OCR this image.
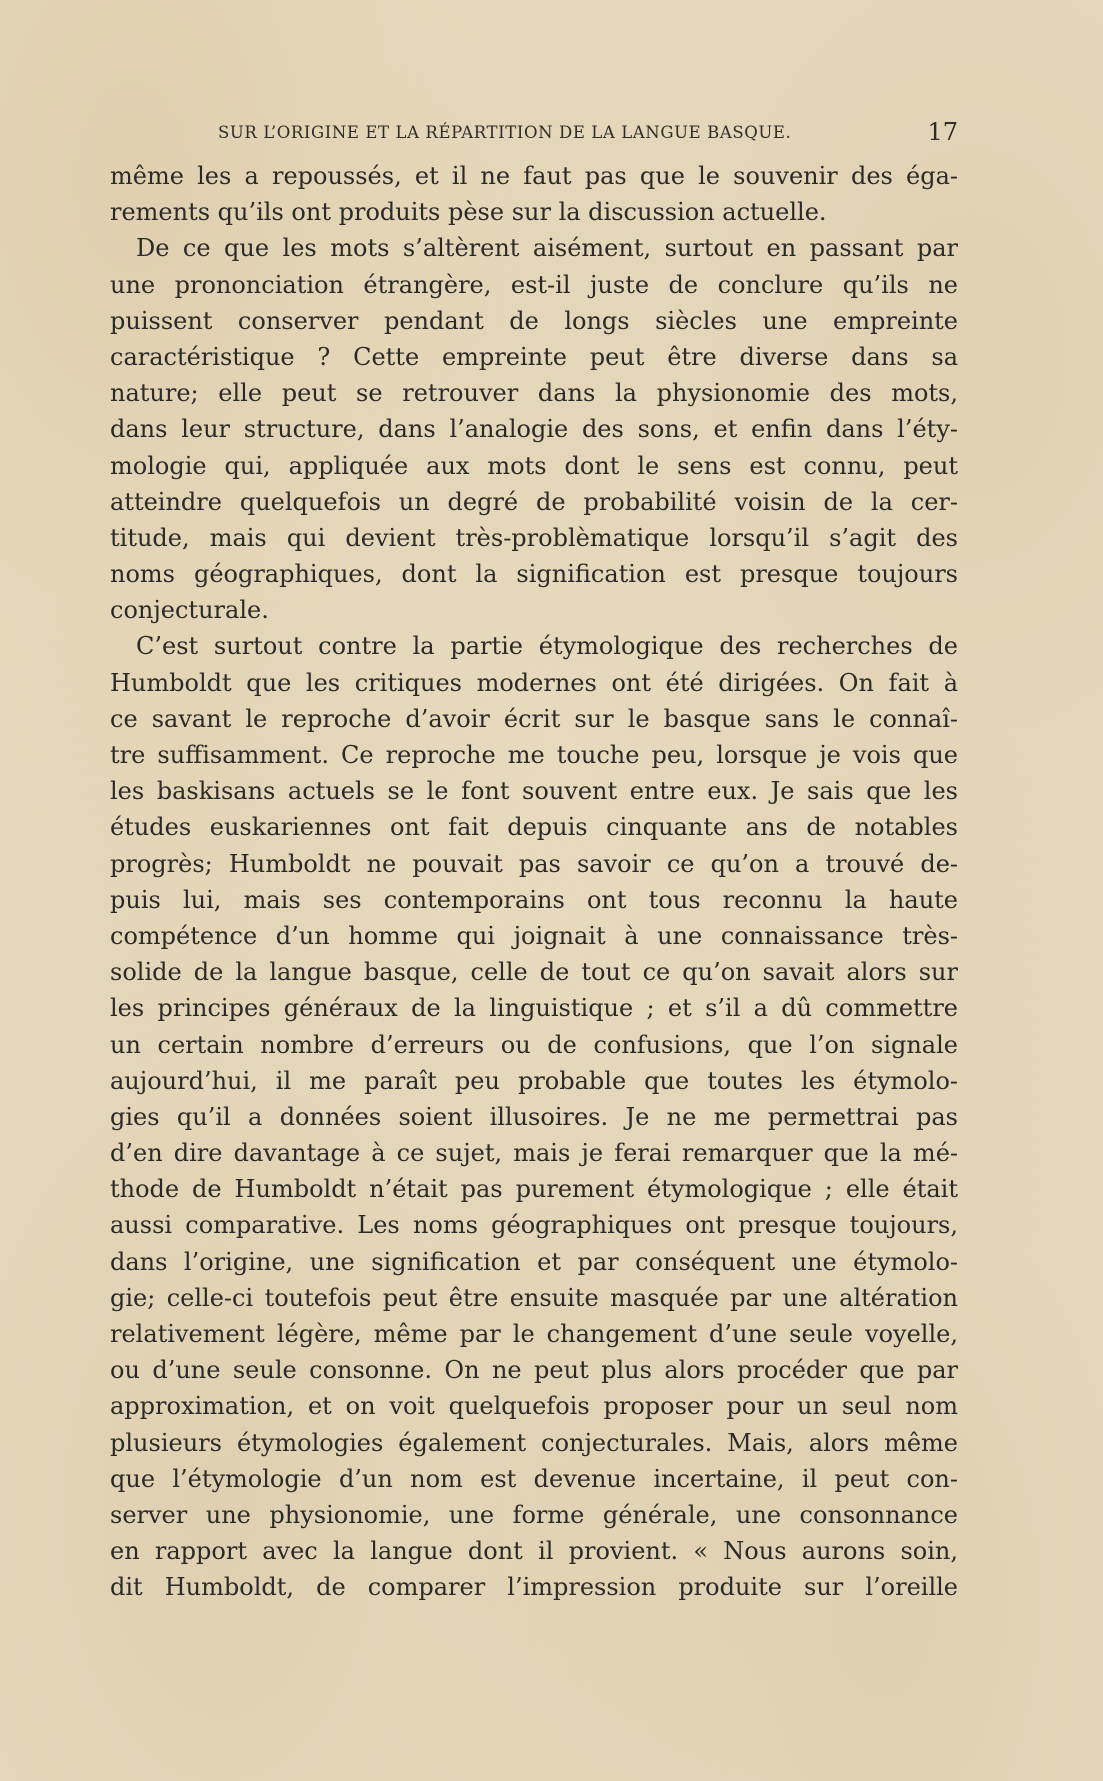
SUR L’ORIGINE ET LA RÉPARTITION DE LA LANGUE BASQUE.	17
même les a repoussés, et il ne faut pas que le souvenir des éga-
rements qu’ils ont produits pèse sur la discussion actuelle.
De ce que les mots s’altèrent aisément, surtout en passant par
une prononciation étrangère, est-il juste de conclure qu’ils ne
puissent conserver pendant de longs siècles une empreinte
caractéristique ? Cette empreinte peut être diverse dans sa
nature; elle peut se retrouver dans la physionomie des mots,
dans leur structure, dans l’analogie des sons, et enfin dans l’éty-
mologie qui, appliquée aux mots dont le sens est connu, peut
atteindre quelquefois un degré de probabilité voisin de la cer-
titude, mais qui devient très-problèmatique lorsqu’il s’agit des
noms géographiques, dont la signification est presque toujours
conjecturale.
C’est surtout contre la partie étymologique des recherches de
Humboldt que les critiques modernes ont été dirigées. On fait à
ce savant le reproche d’avoir écrit sur le basque sans le connaî-
tre suffisamment. Ce reproche me touche peu, lorsque je vois que
les baskisans actuels se le font souvent entre eux. Je sais que les
études euskariennes ont fait depuis cinquante ans de notables
progrès; Humboldt ne pouvait pas savoir ce qu’on a trouvé de-
puis lui, mais ses contemporains ont tous reconnu la haute
compétence d’un homme qui joignait à une connaissance très-
solide de la langue basque, celle de tout ce qu’on savait alors sur
les principes généraux de la linguistique ; et s’il a dû commettre
un certain nombre d’erreurs ou de confusions, que l’on signale
aujourd’hui, il me paraît peu probable que toutes les étymolo-
gies qu’il a données soient illusoires. Je ne me permettrai pas
d’en dire davantage à ce sujet, mais je ferai remarquer que la mé-
thode de Humboldt n’était pas purement étymologique ; elle était
aussi comparative. Les noms géographiques ont presque toujours,
dans l’origine, une signification et par conséquent une étymolo-
gie; celle-ci toutefois peut être ensuite masquée par une altération
relativement légère, même par le changement d’une seule voyelle,
ou d’une seule consonne. On ne peut plus alors procéder que par
approximation, et on voit quelquefois proposer pour un seul nom
plusieurs étymologies également conjecturales. Mais, alors même
que l’étymologie d’un nom est devenue incertaine, il peut con-
server une physionomie, une forme générale, une consonnance
en rapport avec la langue dont il provient. « Nous aurons soin,
dit Humboldt, de comparer l’impression produite sur l’oreille
